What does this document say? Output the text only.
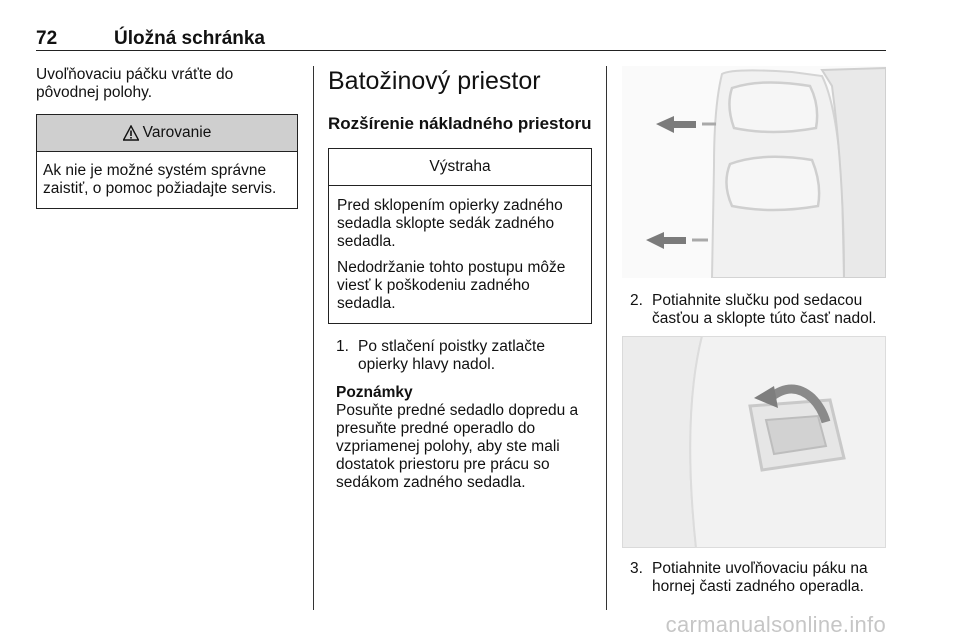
72	Úložná schránka

Uvoľňovaciu páčku vráťte do pôvodnej polohy.

Varovanie
Ak nie je možné systém správne zaistiť, o pomoc požiadajte servis.
Batožinový priestor
Rozšírenie nákladného priestoru
Výstraha

Pred sklopením opierky zadného sedadla sklopte sedák zadného sedadla.

Nedodržanie tohto postupu môže viesť k poškodeniu zadného sedadla.

1. Po stlačení poistky zatlačte opierky hlavy nadol.
Poznámky

Posuňte predné sedadlo dopredu a presuňte predné operadlo do vzpriamenej polohy, aby ste mali dostatok priestoru pre prácu so sedákom zadného sedadla.

2. Potiahnite slučku pod sedacou časťou a sklopte túto časť nadol.
3. Potiahnite uvoľňovaciu páku na hornej časti zadného operadla.
carmanualsonline.info
